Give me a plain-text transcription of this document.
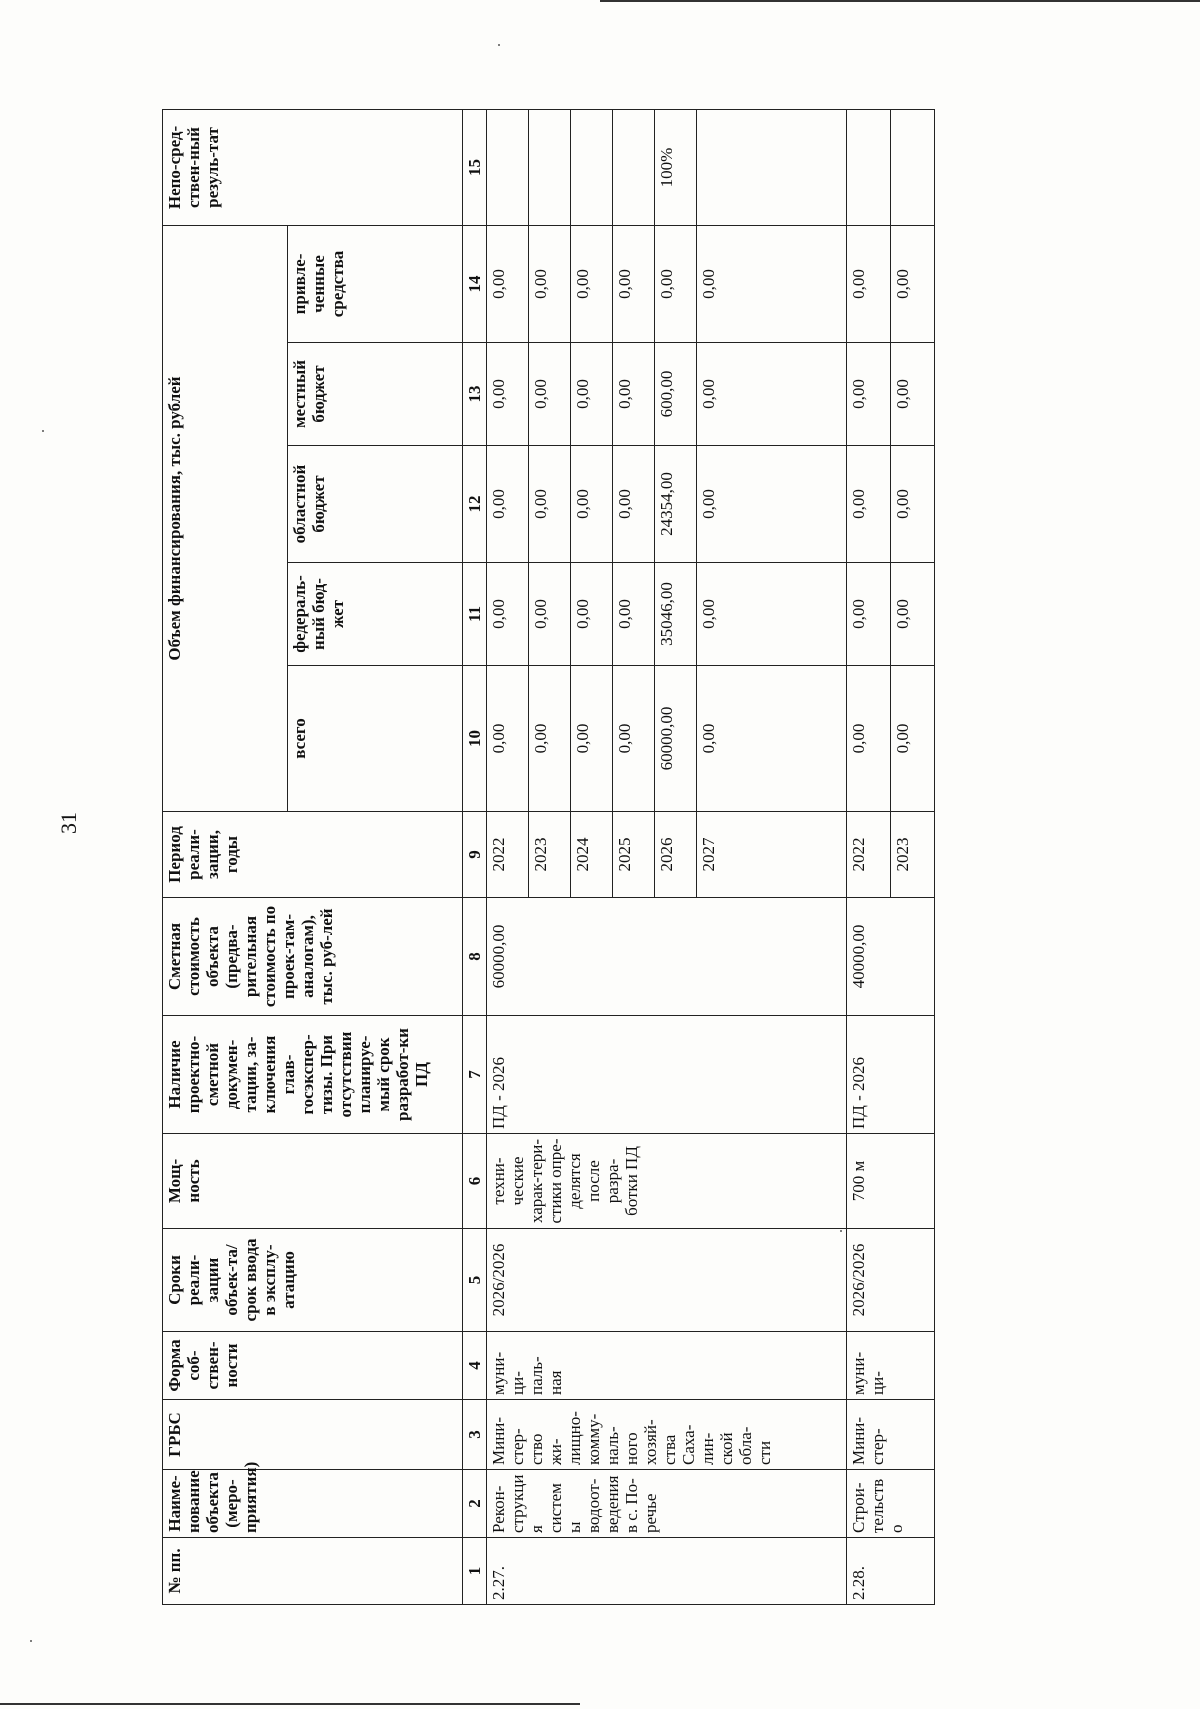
31
№ пп.	Наиме-нование объекта (меро-приятия)	ГРБС	Форма соб-ствен-ности	Сроки реали-зации объек-та/срок ввода в эксплу-атацию	Мощ-ность	Наличие проектно-сметной докумен-тации, за-ключения глав-госэкспер-тизы. При отсутствии планируе-мый срок разработ-ки ПД	Сметная стоимость объекта (предва-рительная стоимость по проек-там-аналогам), тыс. руб-лей	Период реали-зации, годы	Объем финансирования, тыс. рублей					Непо-сред-ствен-ный резуль-тат
									всего	федераль-ный бюд-жет	областной бюджет	местный бюджет	привле-ченные средства	
1	2	3	4	5	6	7	8	9	10	11	12	13	14	15
2.27.	Рекон-струкция системы водоот-ведения в с. По-речье	Мини-стер-ство жи-лищно-комму-наль-ного хозяй-ства Саха-лин-ской обла-сти	муни-ци-паль-ная	2026/2026	техни-ческие харак-тери-стики опре-делятся после разра-ботки ПД	ПД - 2026	60000,00	2022	0,00	0,00	0,00	0,00	0,00	
								2023	0,00	0,00	0,00	0,00	0,00	
								2024	0,00	0,00	0,00	0,00	0,00	
								2025	0,00	0,00	0,00	0,00	0,00	
								2026	60000,00	35046,00	24354,00	600,00	0,00	100%
								2027	0,00	0,00	0,00	0,00	0,00	
2.28.	Строи-тельство	Мини-стер-	муни-ци-	2026/2026	700 м	ПД - 2026	40000,00	2022	0,00	0,00	0,00	0,00	0,00	
								2023	0,00	0,00	0,00	0,00	0,00	
